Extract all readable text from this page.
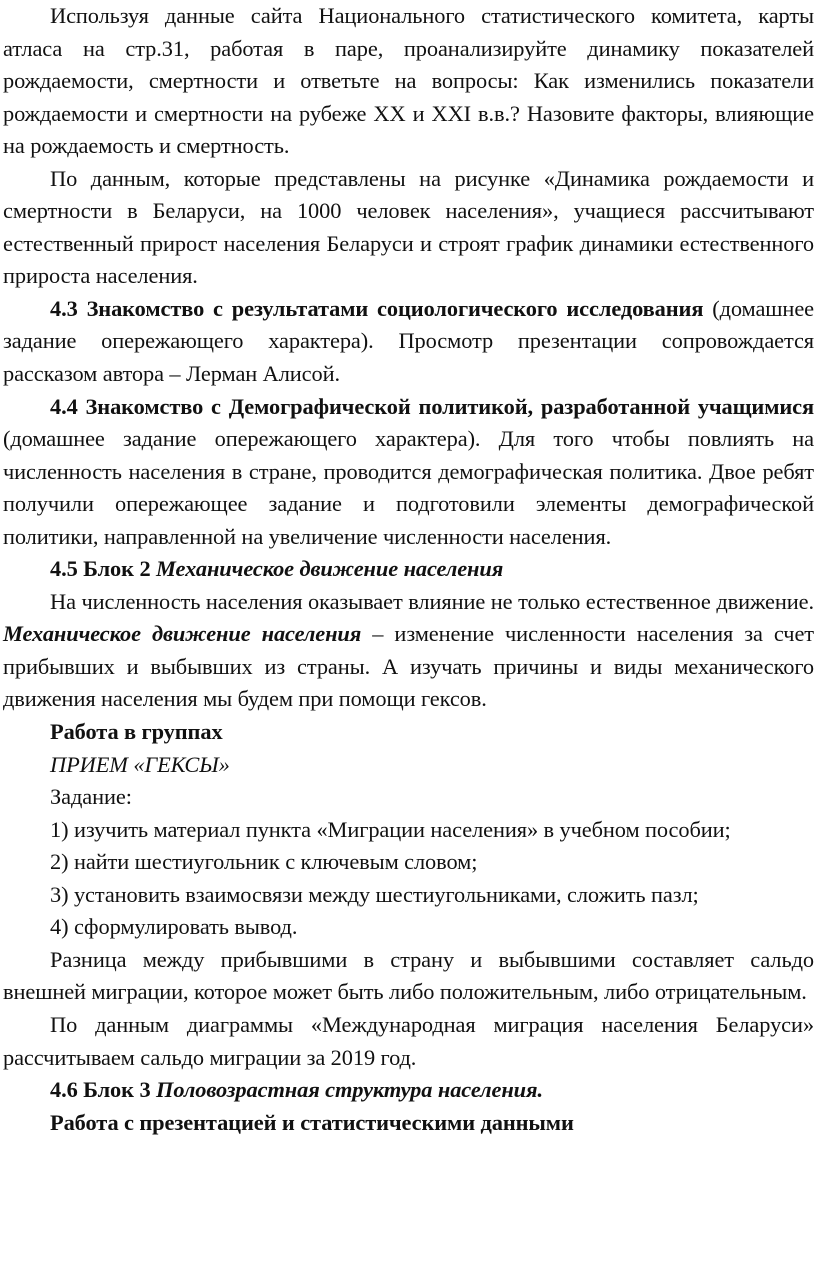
Используя данные сайта Национального статистического комитета, карты атласа на стр.31, работая в паре, проанализируйте динамику показателей рождаемости, смертности и ответьте на вопросы: Как изменились показатели рождаемости и смертности на рубеже XX и XXI в.в.? Назовите факторы, влияющие на рождаемость и смертность.

По данным, которые представлены на рисунке «Динамика рождаемости и смертности в Беларуси, на 1000 человек населения», учащиеся рассчитывают естественный прирост населения Беларуси и строят график динамики естественного прироста населения.

4.3 Знакомство с результатами социологического исследования (домашнее задание опережающего характера). Просмотр презентации сопровождается рассказом автора – Лерман Алисой.

4.4 Знакомство с Демографической политикой, разработанной учащимися (домашнее задание опережающего характера). Для того чтобы повлиять на численность населения в стране, проводится демографическая политика. Двое ребят получили опережающее задание и подготовили элементы демографической политики, направленной на увеличение численности населения.

4.5 Блок 2 Механическое движение населения

На численность населения оказывает влияние не только естественное движение. Механическое движение населения – изменение численности населения за счет прибывших и выбывших из страны. А изучать причины и виды механического движения населения мы будем при помощи гексов.

Работа в группах

ПРИЕМ «ГЕКСЫ»

Задание:

1) изучить материал пункта «Миграции населения» в учебном пособии;

2) найти шестиугольник с ключевым словом;

3) установить взаимосвязи между шестиугольниками, сложить пазл;

4) сформулировать вывод.

Разница между прибывшими в страну и выбывшими составляет сальдо внешней миграции, которое может быть либо положительным, либо отрицательным.

По данным диаграммы «Международная миграция населения Беларуси» рассчитываем сальдо миграции за 2019 год.

4.6 Блок 3 Половозрастная структура населения.

Работа с презентацией и статистическими данными
